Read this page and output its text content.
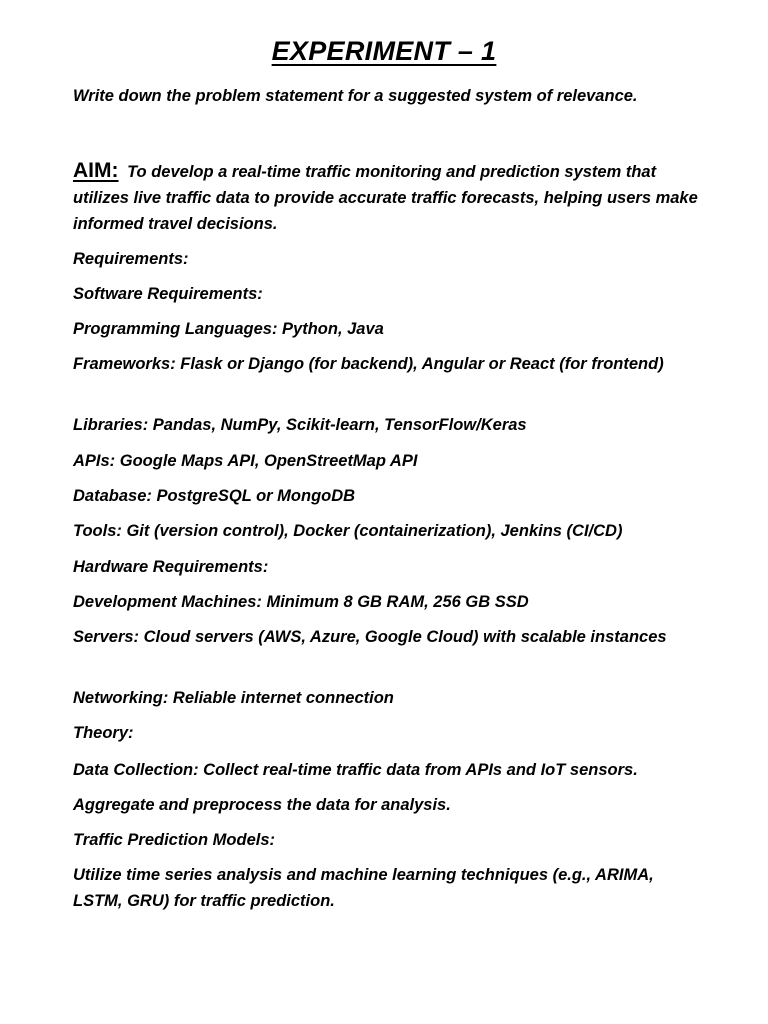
EXPERIMENT – 1
Write down the problem statement for a suggested system of relevance.
AIM: To develop a real-time traffic monitoring and prediction system that utilizes live traffic data to provide accurate traffic forecasts, helping users make informed travel decisions.
Requirements:
Software Requirements:
Programming Languages: Python, Java
Frameworks: Flask or Django (for backend), Angular or React (for frontend)
Libraries: Pandas, NumPy, Scikit-learn, TensorFlow/Keras
APIs: Google Maps API, OpenStreetMap API
Database: PostgreSQL or MongoDB
Tools: Git (version control), Docker (containerization), Jenkins (CI/CD)
Hardware Requirements:
Development Machines: Minimum 8 GB RAM, 256 GB SSD
Servers: Cloud servers (AWS, Azure, Google Cloud) with scalable instances
Networking: Reliable internet connection
Theory:
Data Collection: Collect real-time traffic data from APIs and IoT sensors.
Aggregate and preprocess the data for analysis.
Traffic Prediction Models:
Utilize time series analysis and machine learning techniques (e.g., ARIMA, LSTM, GRU) for traffic prediction.
